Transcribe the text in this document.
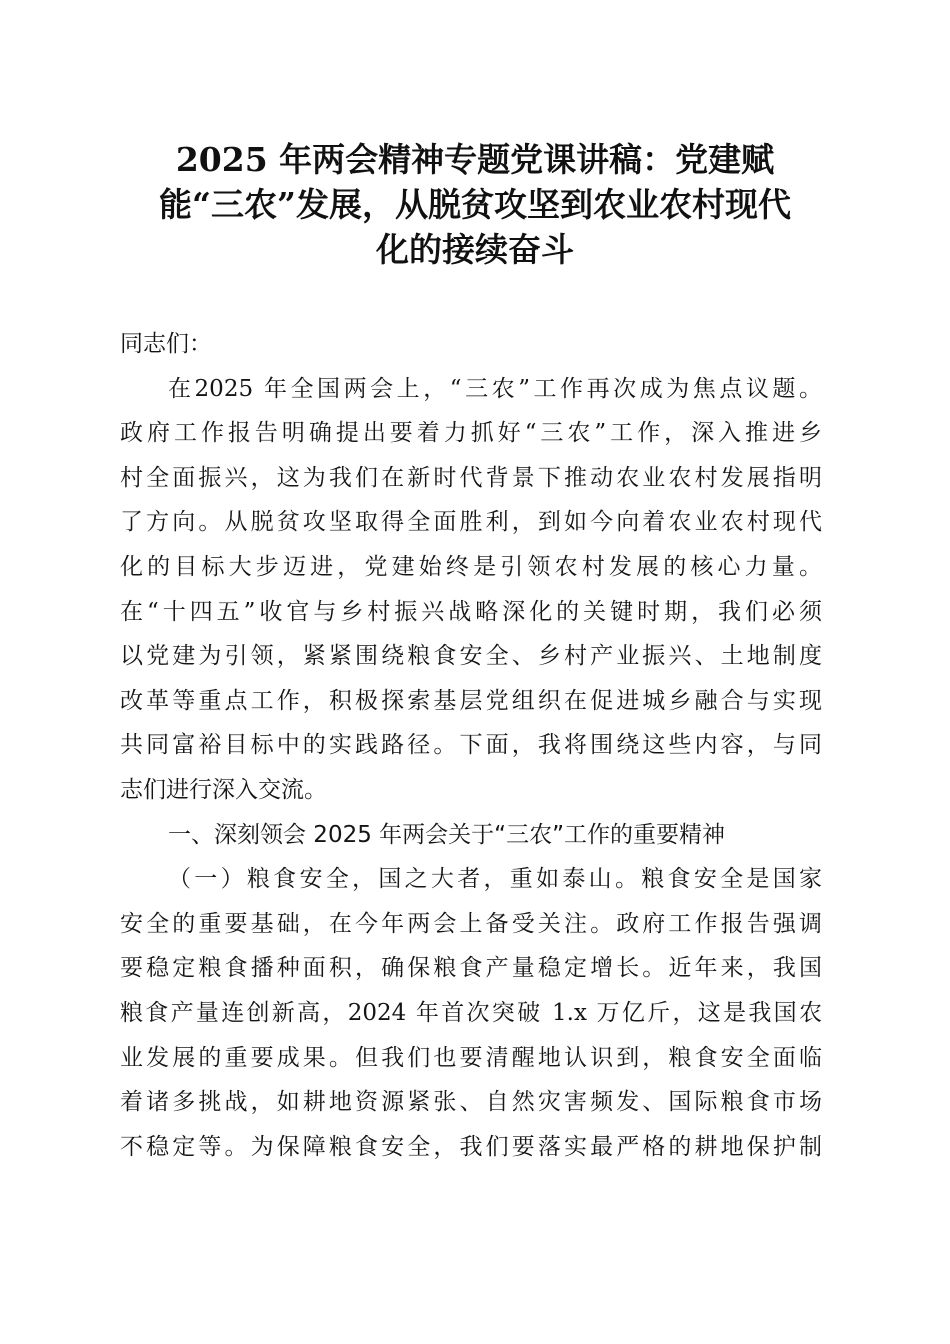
2025 年两会精神专题党课讲稿：党建赋
能“三农”发展，从脱贫攻坚到农业农村现代
化的接续奋斗
同志们：
在2025 年全国两会上，“三农”工作再次成为焦点议题。
政府工作报告明确提出要着力抓好“三农”工作，深入推进乡
村全面振兴，这为我们在新时代背景下推动农业农村发展指明
了方向。从脱贫攻坚取得全面胜利，到如今向着农业农村现代
化的目标大步迈进，党建始终是引领农村发展的核心力量。
在“十四五”收官与乡村振兴战略深化的关键时期，我们必须
以党建为引领，紧紧围绕粮食安全、乡村产业振兴、土地制度
改革等重点工作，积极探索基层党组织在促进城乡融合与实现
共同富裕目标中的实践路径。下面，我将围绕这些内容，与同
志们进行深入交流。
一、深刻领会 2025 年两会关于“三农”工作的重要精神
（一）粮食安全，国之大者，重如泰山。粮食安全是国家
安全的重要基础，在今年两会上备受关注。政府工作报告强调
要稳定粮食播种面积，确保粮食产量稳定增长。近年来，我国
粮食产量连创新高，2024 年首次突破 1.x 万亿斤，这是我国农
业发展的重要成果。但我们也要清醒地认识到，粮食安全面临
着诸多挑战，如耕地资源紧张、自然灾害频发、国际粮食市场
不稳定等。为保障粮食安全，我们要落实最严格的耕地保护制
